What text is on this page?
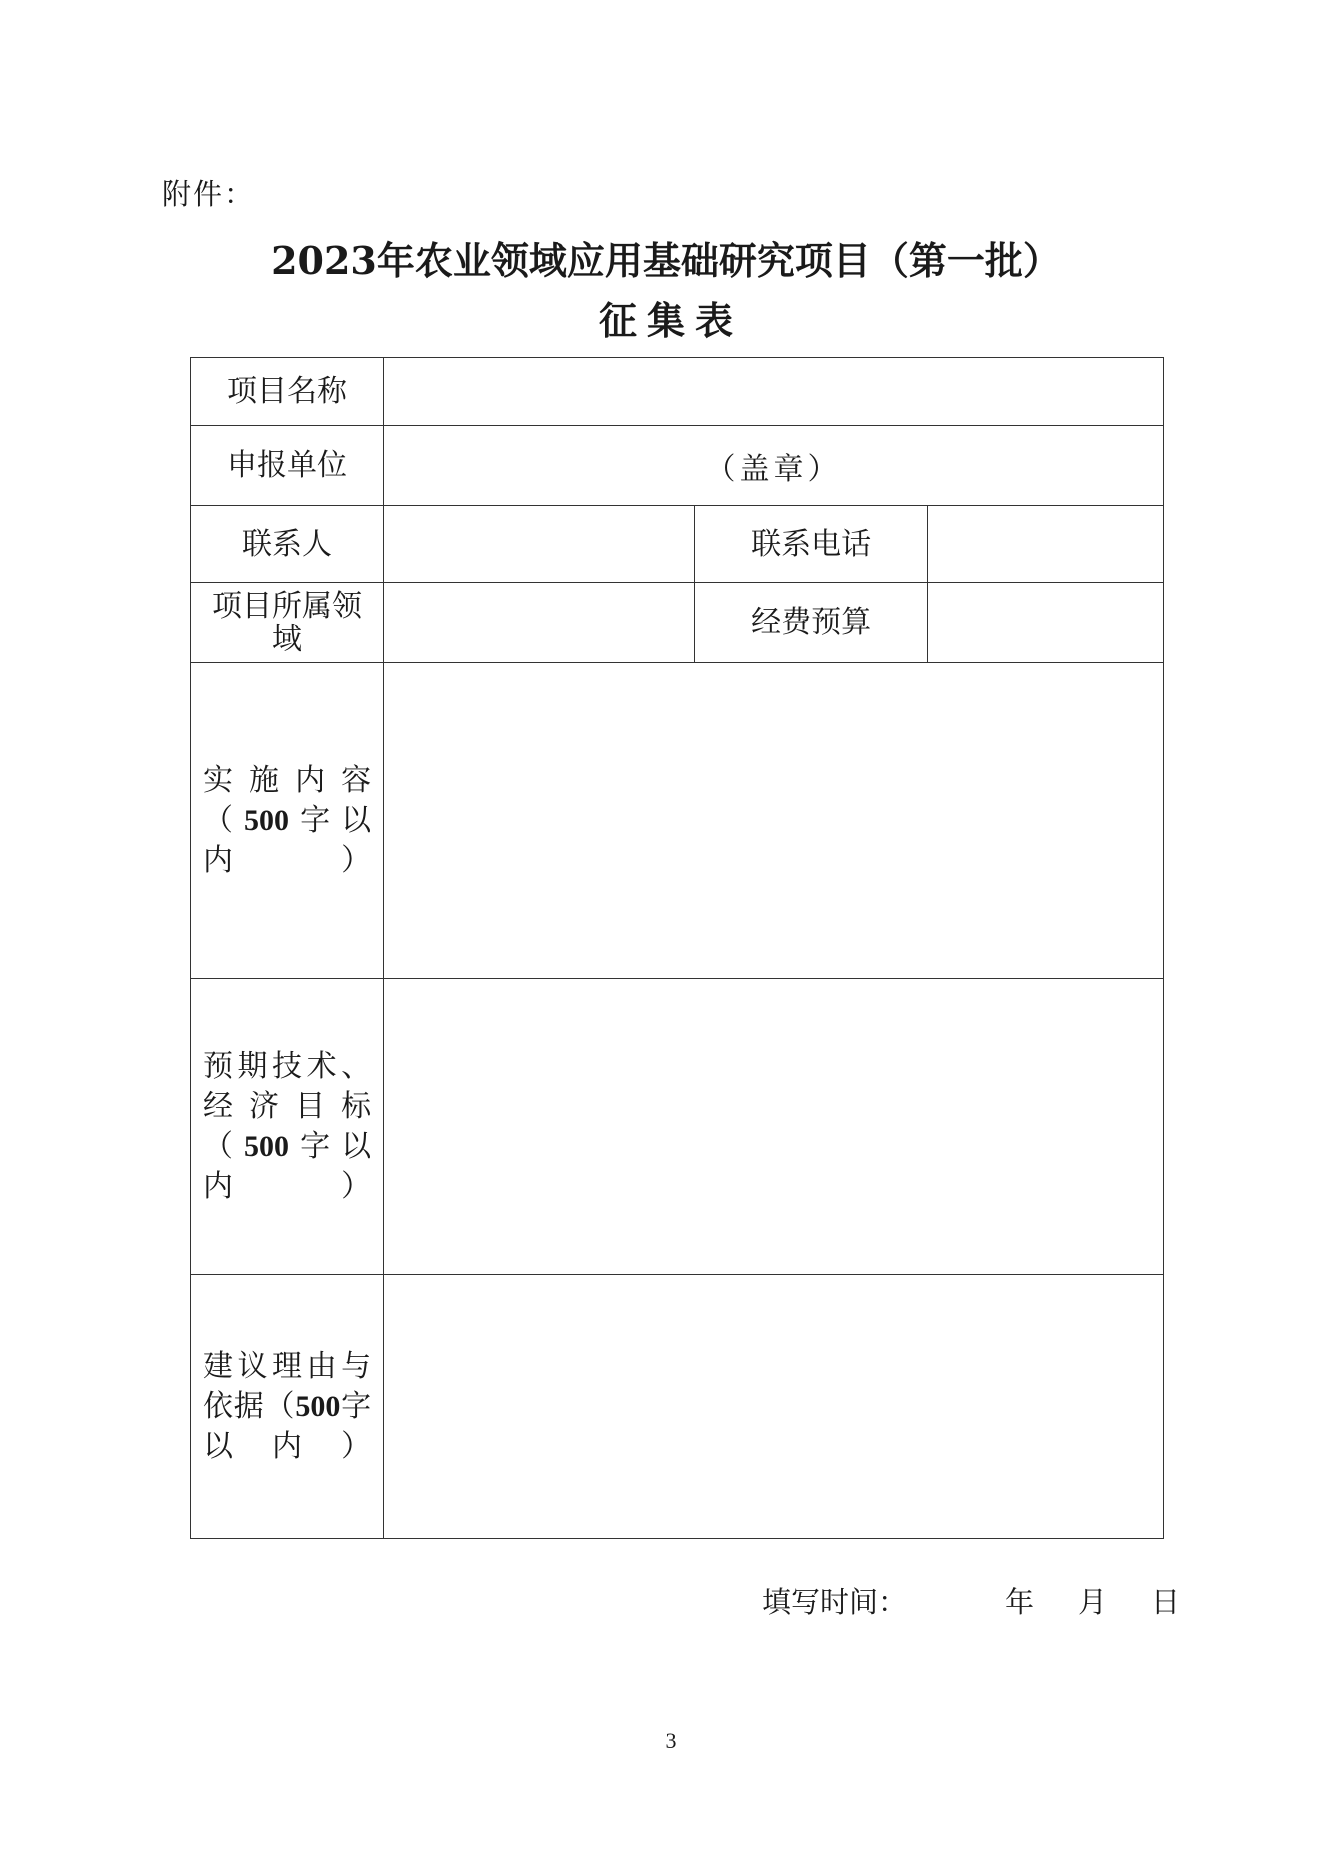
附件：
2023年农业领域应用基础研究项目（第一批）
征集表
项目名称			
申报单位	（盖章）		
联系人		联系电话	
项目所属领域		经费预算	
实施内容（500字以内）			
预期技术、经济目标（500字以内）			
建议理由与依据（500字以内）			
填写时间：	年 月 日
3
